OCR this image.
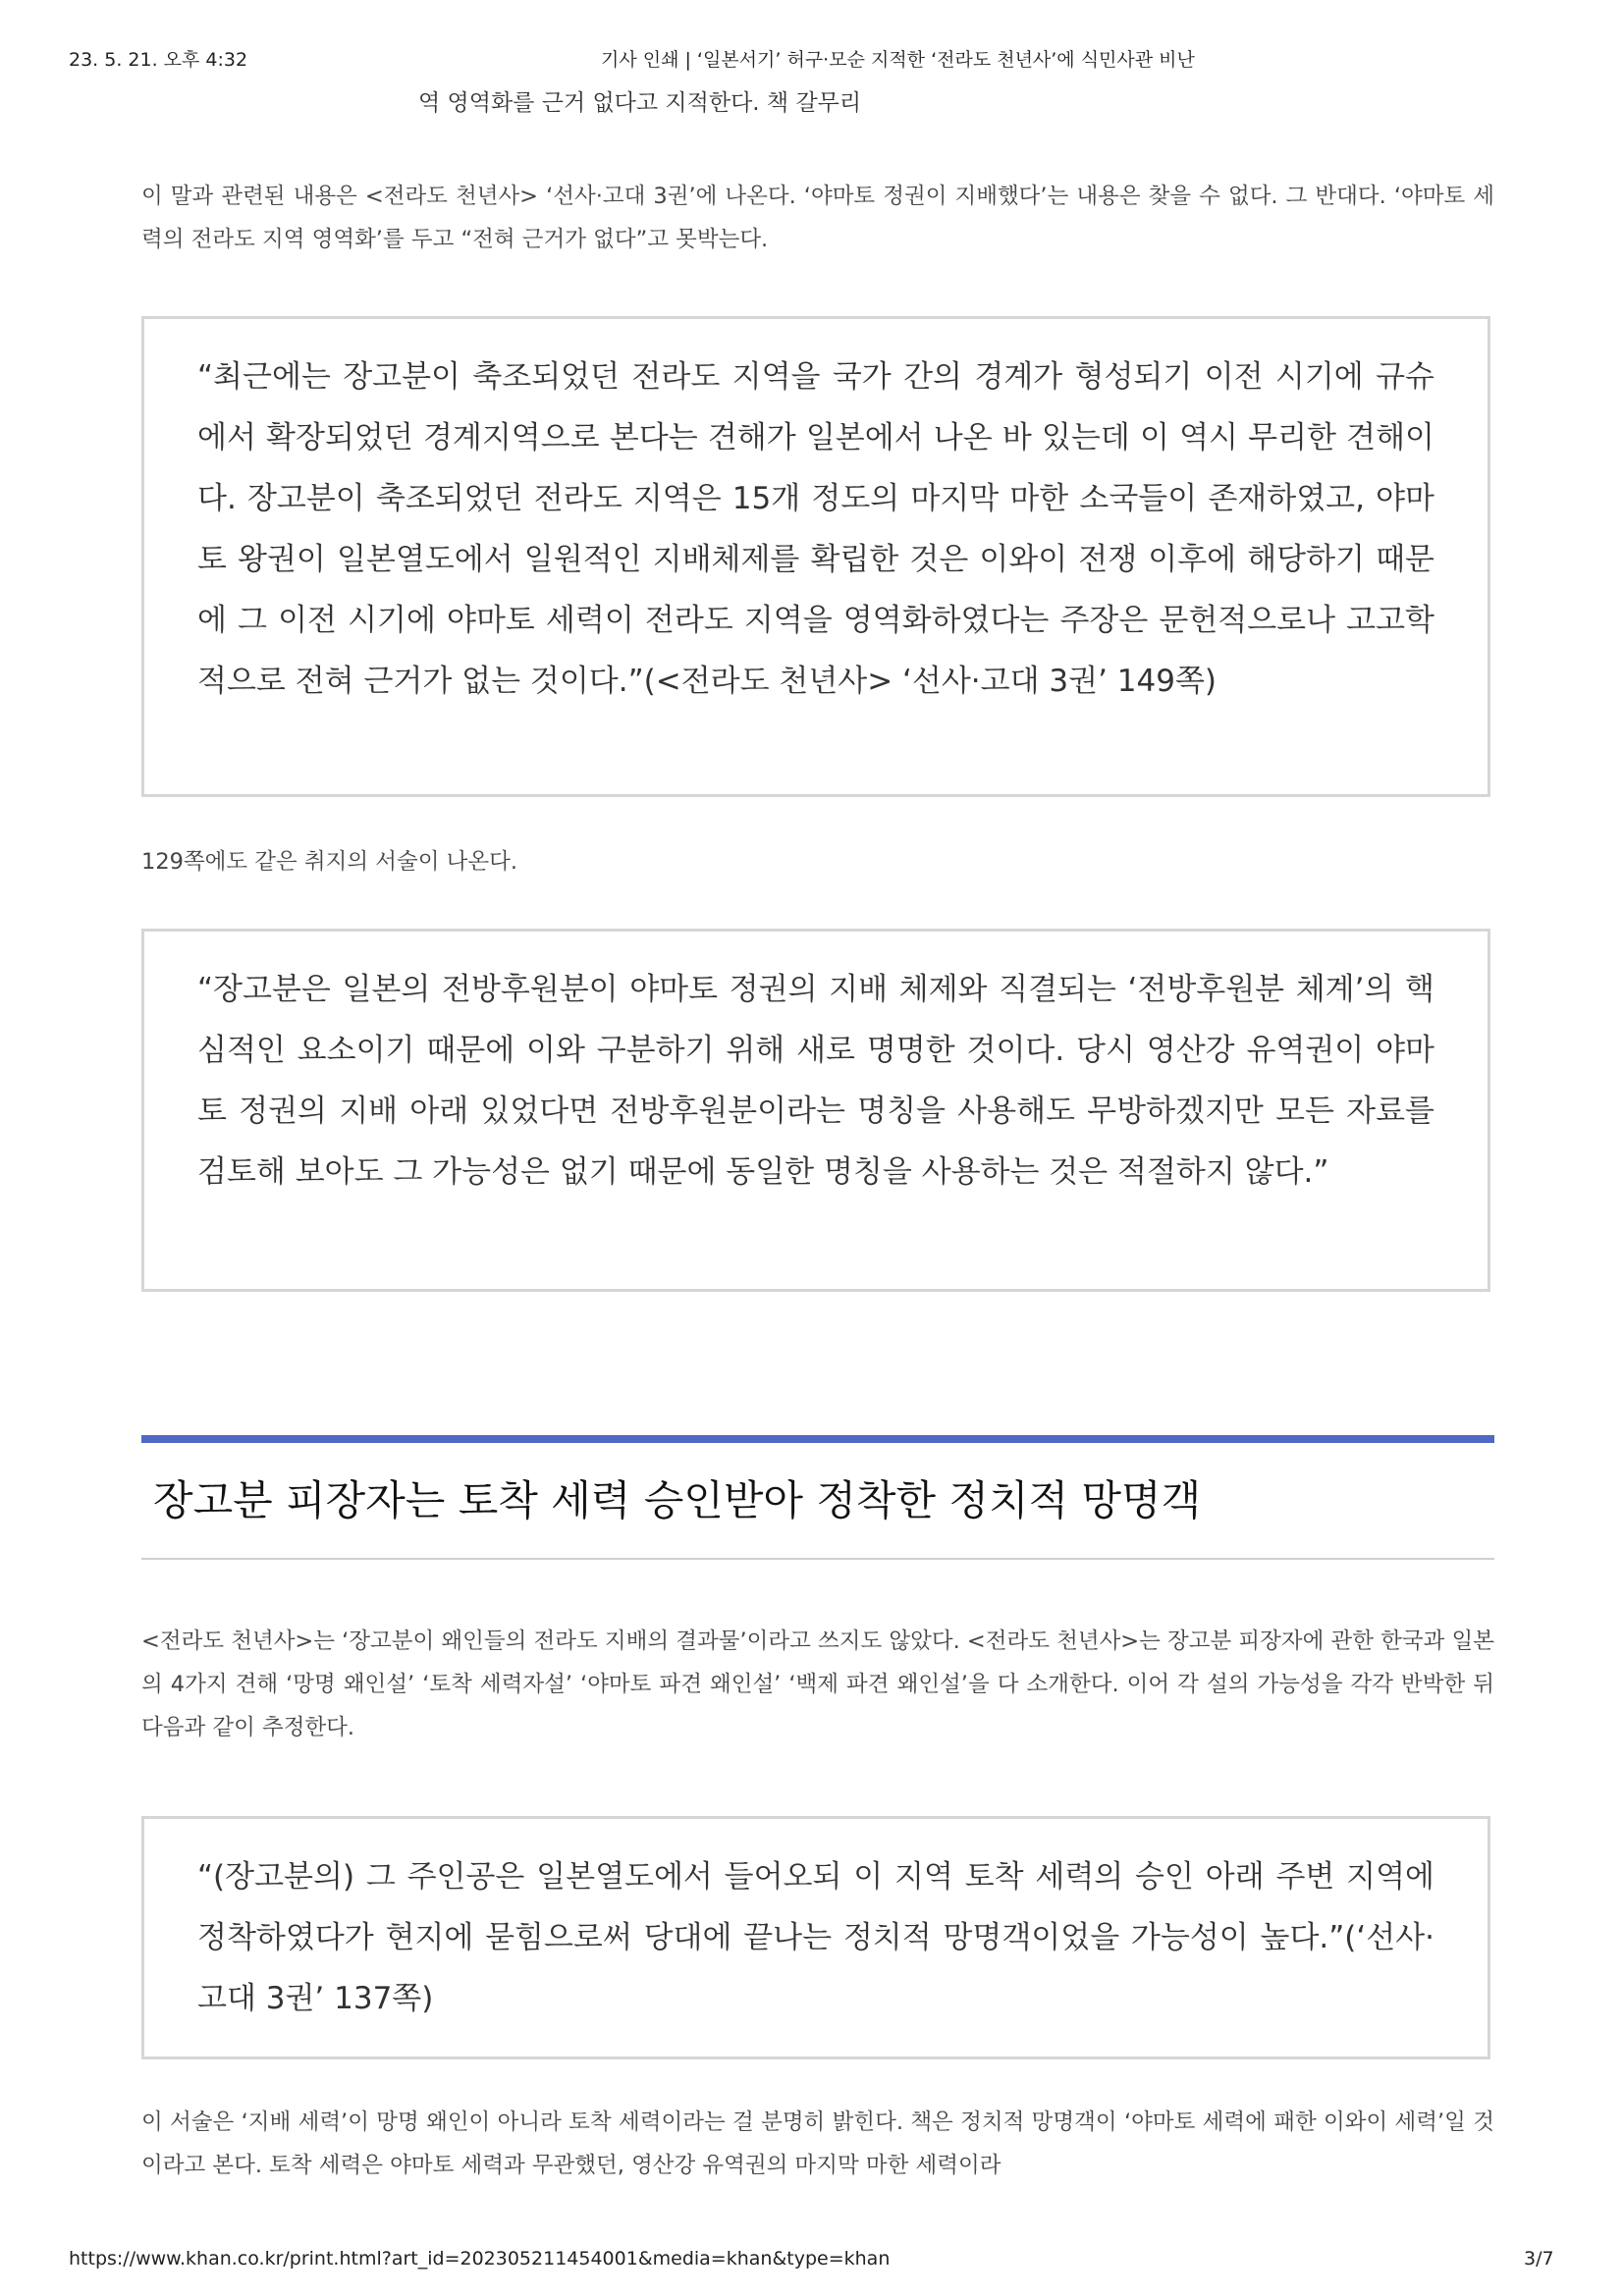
23. 5. 21. 오후 4:32	기사 인쇄 | ‘일본서기’ 허구·모순 지적한 ‘전라도 천년사’에 식민사관 비난
역 영역화를 근거 없다고 지적한다. 책 갈무리
이 말과 관련된 내용은 <전라도 천년사> ‘선사·고대 3권’에 나온다. ‘야마토 정권이 지배했다’는 내용은 찾을 수 없다. 그 반대다. ‘야마토 세력의 전라도 지역 영역화’를 두고 “전혀 근거가 없다”고 못박는다.
“최근에는 장고분이 축조되었던 전라도 지역을 국가 간의 경계가 형성되기 이전 시기에 규슈에서 확장되었던 경계지역으로 본다는 견해가 일본에서 나온 바 있는데 이 역시 무리한 견해이다. 장고분이 축조되었던 전라도 지역은 15개 정도의 마지막 마한 소국들이 존재하였고, 야마토 왕권이 일본열도에서 일원적인 지배체제를 확립한 것은 이와이 전쟁 이후에 해당하기 때문에 그 이전 시기에 야마토 세력이 전라도 지역을 영역화하였다는 주장은 문헌적으로나 고고학적으로 전혀 근거가 없는 것이다.”(<전라도 천년사> ‘선사·고대 3권’ 149쪽)
129쪽에도 같은 취지의 서술이 나온다.
“장고분은 일본의 전방후원분이 야마토 정권의 지배 체제와 직결되는 ‘전방후원분 체계’의 핵심적인 요소이기 때문에 이와 구분하기 위해 새로 명명한 것이다. 당시 영산강 유역권이 야마토 정권의 지배 아래 있었다면 전방후원분이라는 명칭을 사용해도 무방하겠지만 모든 자료를 검토해 보아도 그 가능성은 없기 때문에 동일한 명칭을 사용하는 것은 적절하지 않다.”
장고분 피장자는 토착 세력 승인받아 정착한 정치적 망명객
<전라도 천년사>는 ‘장고분이 왜인들의 전라도 지배의 결과물’이라고 쓰지도 않았다. <전라도 천년사>는 장고분 피장자에 관한 한국과 일본의 4가지 견해 ‘망명 왜인설’ ‘토착 세력자설’ ‘야마토 파견 왜인설’ ‘백제 파견 왜인설’을 다 소개한다. 이어 각 설의 가능성을 각각 반박한 뒤 다음과 같이 추정한다.
“(장고분의) 그 주인공은 일본열도에서 들어오되 이 지역 토착 세력의 승인 아래 주변 지역에 정착하였다가 현지에 묻힘으로써 당대에 끝나는 정치적 망명객이었을 가능성이 높다.”(‘선사·고대 3권’ 137쪽)
이 서술은 ‘지배 세력’이 망명 왜인이 아니라 토착 세력이라는 걸 분명히 밝힌다. 책은 정치적 망명객이 ‘야마토 세력에 패한 이와이 세력’일 것이라고 본다. 토착 세력은 야마토 세력과 무관했던, 영산강 유역권의 마지막 마한 세력이라
https://www.khan.co.kr/print.html?art_id=202305211454001&media=khan&type=khan	3/7
